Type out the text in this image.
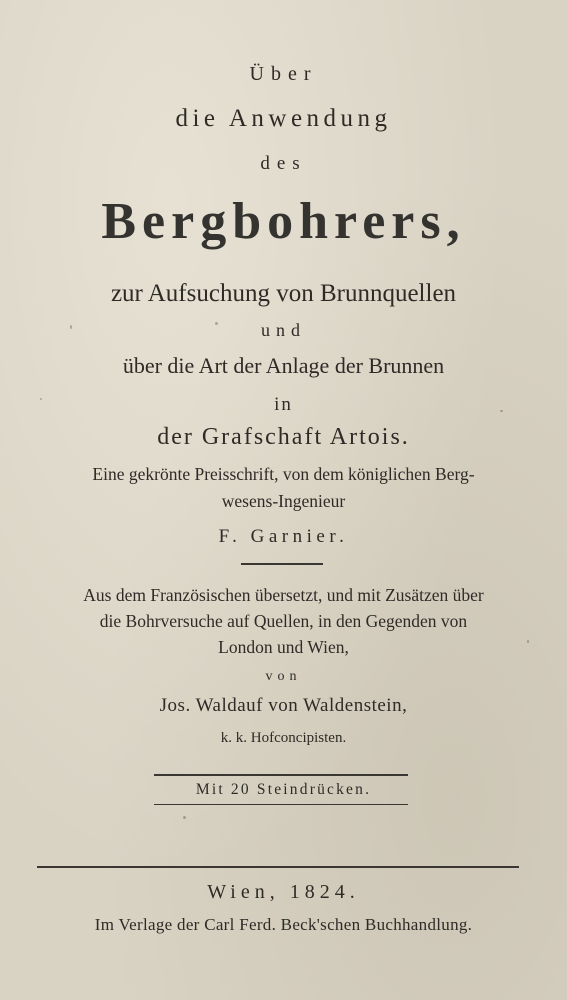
Über
die Anwendung
des
Bergbohrers,
zur Aufsuchung von Brunnquellen
und
über die Art der Anlage der Brunnen
in
der Grafschaft Artois.
Eine gekrönte Preisschrift, von dem königlichen Berg-
wesens-Ingenieur
F. Garnier.
Aus dem Französischen übersetzt, und mit Zusätzen über
die Bohrversuche auf Quellen, in den Gegenden von
London und Wien,
von
Jos. Waldauf von Waldenstein,
k. k. Hofconcipisten.
Mit 20 Steindrücken.
Wien, 1824.
Im Verlage der Carl Ferd. Beck'schen Buchhandlung.
